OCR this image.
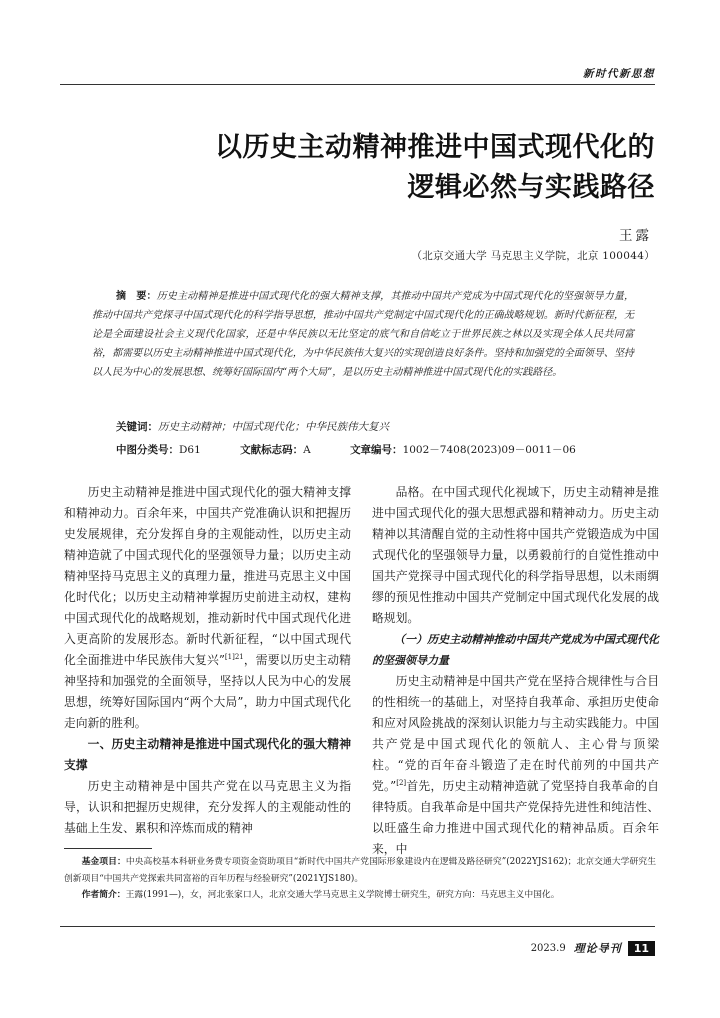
新时代新思想
以历史主动精神推进中国式现代化的
逻辑必然与实践路径
王露
（北京交通大学 马克思主义学院，北京 100044）
摘　要：历史主动精神是推进中国式现代化的强大精神支撑，其推动中国共产党成为中国式现代化的坚强领导力量，推动中国共产党探寻中国式现代化的科学指导思想，推动中国共产党制定中国式现代化的正确战略规划。新时代新征程，无论是全面建设社会主义现代化国家，还是中华民族以无比坚定的底气和自信屹立于世界民族之林以及实现全体人民共同富裕，都需要以历史主动精神推进中国式现代化，为中华民族伟大复兴的实现创造良好条件。坚持和加强党的全面领导、坚持以人民为中心的发展思想、统筹好国际国内“两个大局”，是以历史主动精神推进中国式现代化的实践路径。
关键词：历史主动精神；中国式现代化；中华民族伟大复兴
中图分类号：D61	文献标志码：A	文章编号：1002－7408(2023)09－0011－06

历史主动精神是推进中国式现代化的强大精神支撑和精神动力。百余年来，中国共产党准确认识和把握历史发展规律，充分发挥自身的主观能动性，以历史主动精神造就了中国式现代化的坚强领导力量；以历史主动精神坚持马克思主义的真理力量，推进马克思主义中国化时代化；以历史主动精神掌握历史前进主动权，建构中国式现代化的战略规划，推动新时代中国式现代化进入更高阶的发展形态。新时代新征程，“以中国式现代化全面推进中华民族伟大复兴”$^{[1]21}$，需要以历史主动精神坚持和加强党的全面领导，坚持以人民为中心的发展思想，统筹好国际国内“两个大局”，助力中国式现代化走向新的胜利。

一、历史主动精神是推进中国式现代化的强大精神支撑

历史主动精神是中国共产党在以马克思主义为指导，认识和把握历史规律，充分发挥人的主观能动性的基础上生发、累积和淬炼而成的精神

品格。在中国式现代化视域下，历史主动精神是推进中国式现代化的强大思想武器和精神动力。历史主动精神以其清醒自觉的主动性将中国共产党锻造成为中国式现代化的坚强领导力量，以勇毅前行的自觉性推动中国共产党探寻中国式现代化的科学指导思想，以未雨绸缪的预见性推动中国共产党制定中国式现代化发展的战略规划。

（一）历史主动精神推动中国共产党成为中国式现代化的坚强领导力量

历史主动精神是中国共产党在坚持合规律性与合目的性相统一的基础上，对坚持自我革命、承担历史使命和应对风险挑战的深刻认识能力与主动实践能力。中国共产党是中国式现代化的领航人、主心骨与顶梁柱。“党的百年奋斗锻造了走在时代前列的中国共产党。”[2]首先，历史主动精神造就了党坚持自我革命的自律特质。自我革命是中国共产党保持先进性和纯洁性、以旺盛生命力推进中国式现代化的精神品质。百余年来，中

基金项目：中央高校基本科研业务费专项资金资助项目“新时代中国共产党国际形象建设内在逻辑及路径研究”(2022YJS162)；北京交通大学研究生创新项目“中国共产党探索共同富裕的百年历程与经验研究”(2021YJS180)。

作者简介：王露(1991—)，女，河北张家口人，北京交通大学马克思主义学院博士研究生，研究方向：马克思主义中国化。

2023.9 理论导刊	11
